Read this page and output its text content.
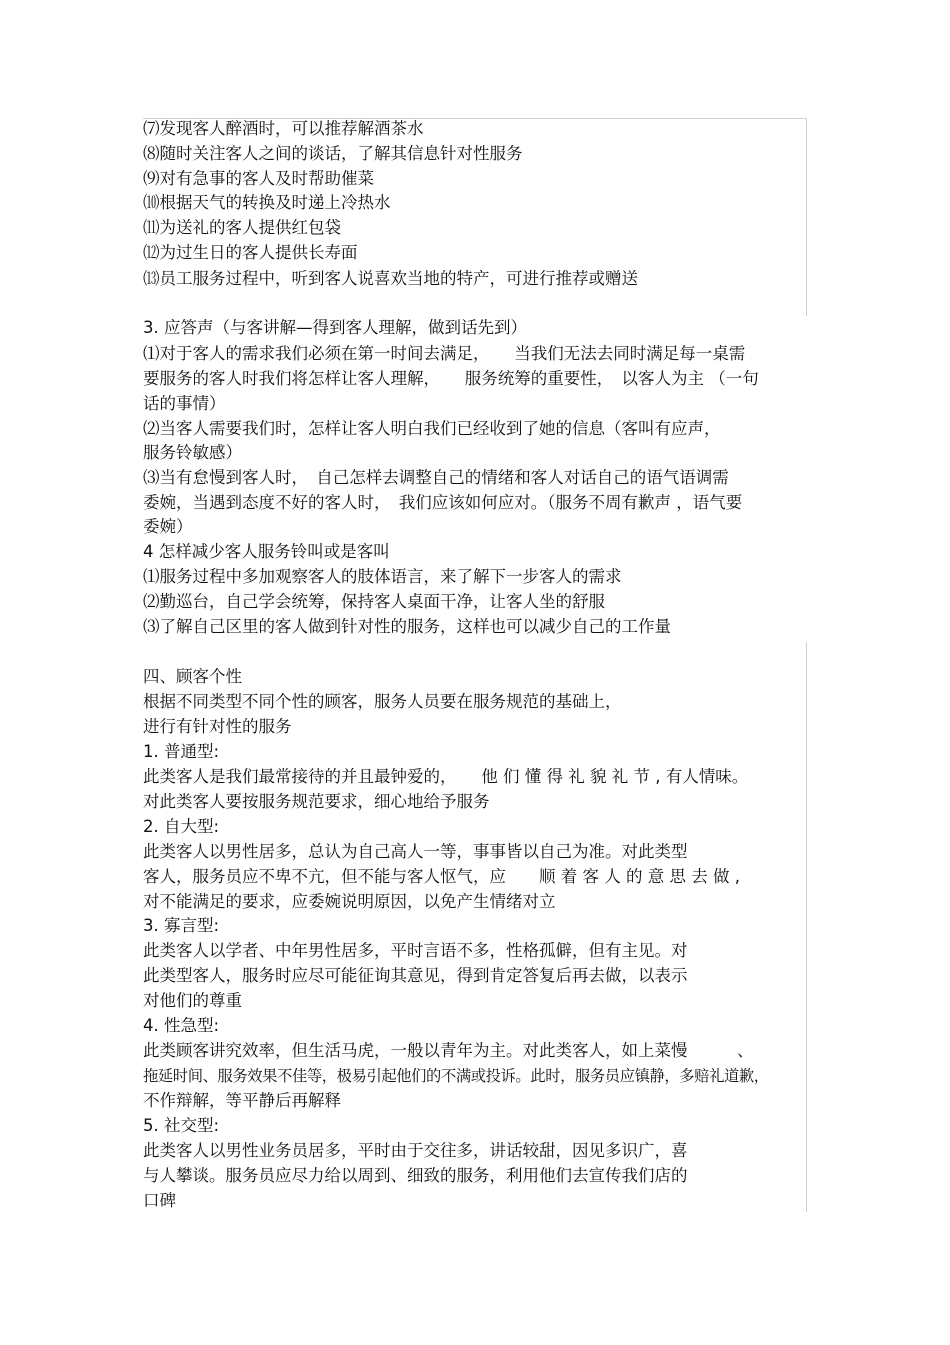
⑺发现客人醉酒时，可以推荐解酒茶水
⑻随时关注客人之间的谈话，了解其信息针对性服务
⑼对有急事的客人及时帮助催菜
⑽根据天气的转换及时递上冷热水
⑾为送礼的客人提供红包袋
⑿为过生日的客人提供长寿面
⒀员工服务过程中，听到客人说喜欢当地的特产，可进行推荐或赠送
3. 应答声（与客讲解—得到客人理解，做到话先到）
⑴对于客人的需求我们必须在第一时间去满足，　　当我们无法去同时满足每一桌需
要服务的客人时我们将怎样让客人理解，　　服务统筹的重要性，　以客人为主 （一句
话的事情）
⑵当客人需要我们时，怎样让客人明白我们已经收到了她的信息（客叫有应声，
服务铃敏感）
⑶当有怠慢到客人时，　自己怎样去调整自己的情绪和客人对话自己的语气语调需
委婉，当遇到态度不好的客人时，　我们应该如何应对。（服务不周有歉声 ，语气要
委婉）
4 怎样减少客人服务铃叫或是客叫
⑴服务过程中多加观察客人的肢体语言，来了解下一步客人的需求
⑵勤巡台，自己学会统筹，保持客人桌面干净，让客人坐的舒服
⑶了解自己区里的客人做到针对性的服务，这样也可以减少自己的工作量
四、顾客个性
根据不同类型不同个性的顾客，服务人员要在服务规范的基础上，
进行有针对性的服务
1. 普通型:
此类客人是我们最常接待的并且最钟爱的，　　他 们 懂 得 礼 貌 礼 节 , 有人情味。
对此类客人要按服务规范要求，细心地给予服务
2. 自大型:
此类客人以男性居多，总认为自己高人一等，事事皆以自己为准。对此类型
客人，服务员应不卑不亢，但不能与客人怄气，应　　顺 着 客 人 的 意 思 去 做 ,
对不能满足的要求，应委婉说明原因，以免产生情绪对立
3. 寡言型:
此类客人以学者、中年男性居多，平时言语不多，性格孤僻，但有主见。对
此类型客人，服务时应尽可能征询其意见，得到肯定答复后再去做，以表示
对他们的尊重
4. 性急型:
此类顾客讲究效率，但生活马虎，一般以青年为主。对此类客人，如上菜慢　　　、
拖延时间、服务效果不佳等，极易引起他们的不满或投诉。此时，服务员应镇静，多赔礼道歉，
不作辩解，等平静后再解释
5. 社交型:
此类客人以男性业务员居多，平时由于交往多，讲话较甜，因见多识广，喜
与人攀谈。服务员应尽力给以周到、细致的服务，利用他们去宣传我们店的
口碑
